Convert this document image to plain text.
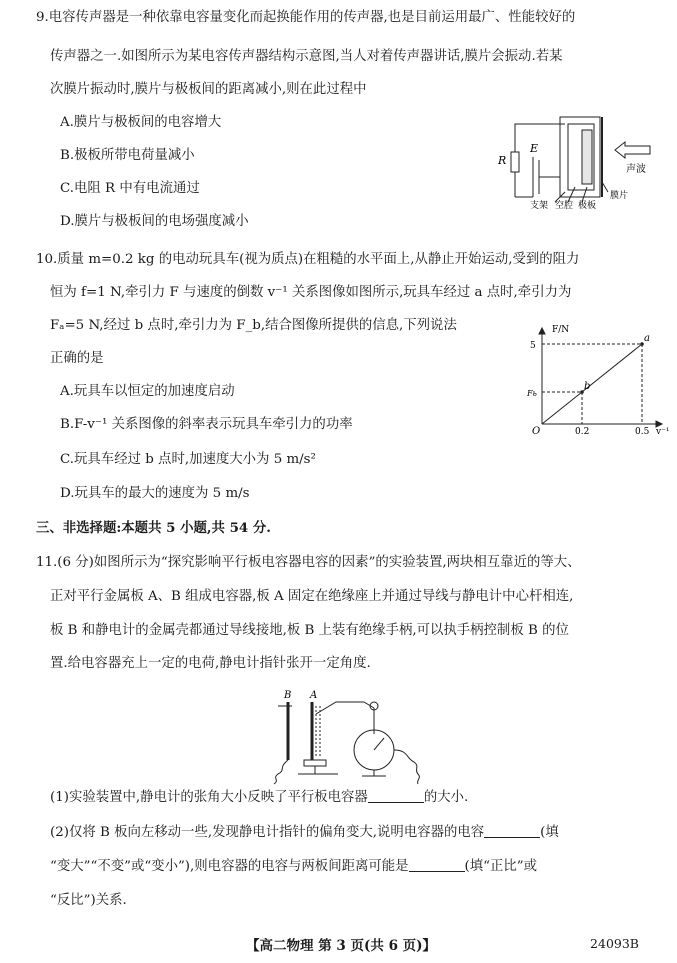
9.电容传声器是一种依靠电容量变化而起换能作用的传声器,也是目前运用最广、性能较好的
传声器之一.如图所示为某电容传声器结构示意图,当人对着传声器讲话,膜片会振动.若某
次膜片振动时,膜片与极板间的距离减小,则在此过程中
A.膜片与极板间的电容增大
B.极板所带电荷量减小
C.电阻 R 中有电流通过
D.膜片与极板间的电场强度减小
R
E
声波
支架 空腔 极板
膜片
10.质量 m=0.2 kg 的电动玩具车(视为质点)在粗糙的水平面上,从静止开始运动,受到的阻力
恒为 f=1 N,牵引力 F 与速度的倒数 v⁻¹ 关系图像如图所示,玩具车经过 a 点时,牵引力为
Fₐ=5 N,经过 b 点时,牵引力为 F_b,结合图像所提供的信息,下列说法
正确的是
A.玩具车以恒定的加速度启动
B.F-v⁻¹ 关系图像的斜率表示玩具车牵引力的功率
C.玩具车经过 b 点时,加速度大小为 5 m/s²
D.玩具车的最大的速度为 5 m/s
a
b
5
Fь
0.2	0.5
F/N
v⁻¹
O
三、非选择题:本题共 5 小题,共 54 分.
11.(6 分)如图所示为“探究影响平行板电容器电容的因素”的实验装置,两块相互靠近的等大、
正对平行金属板 A、B 组成电容器,板 A 固定在绝缘座上并通过导线与静电计中心杆相连,
板 B 和静电计的金属壳都通过导线接地,板 B 上装有绝缘手柄,可以执手柄控制板 B 的位
置.给电容器充上一定的电荷,静电计指针张开一定角度.
B A
(1)实验装置中,静电计的张角大小反映了平行板电容器	的大小.
(2)仅将 B 板向左移动一些,发现静电计指针的偏角变大,说明电容器的电容	(填
“变大”“不变”或“变小”),则电容器的电容与两板间距离可能是	(填“正比”或
“反比”)关系.
【高二物理 第 3 页(共 6 页)】	24093B
